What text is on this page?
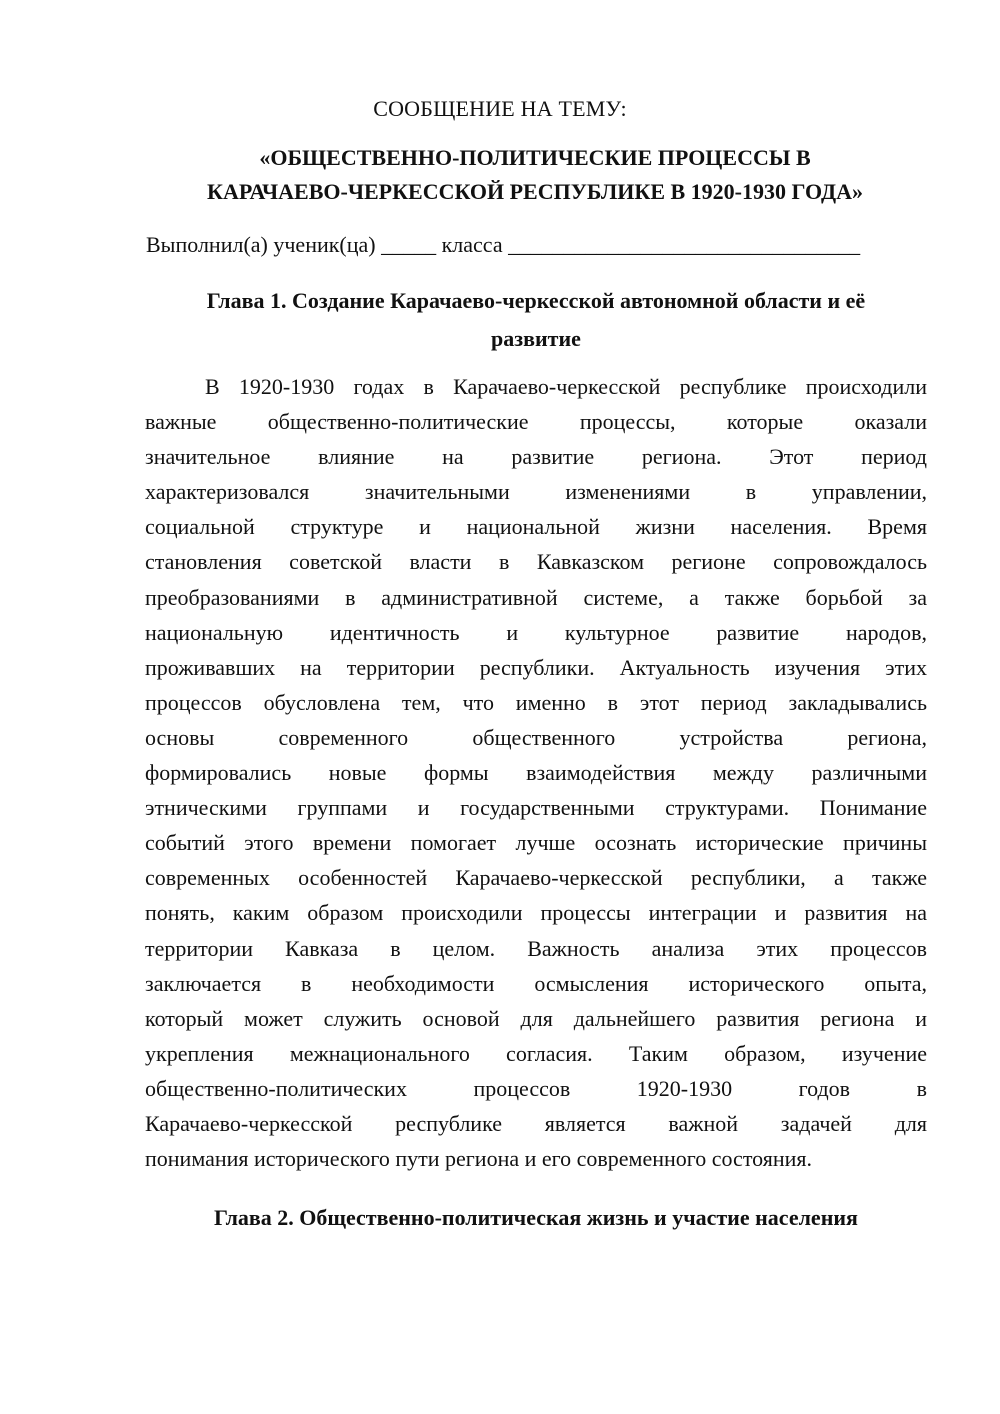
СООБЩЕНИЕ НА ТЕМУ:
«ОБЩЕСТВЕННО-ПОЛИТИЧЕСКИЕ ПРОЦЕССЫ В
КАРАЧАЕВО-ЧЕРКЕССКОЙ РЕСПУБЛИКЕ В 1920-1930 ГОДА»
Выполнил(а) ученик(ца) _____ класса ________________________________
Глава 1. Создание Карачаево-черкесской автономной области и её
развитие
В 1920-1930 годах в Карачаево-черкесской республике происходили
важные общественно-политические процессы, которые оказали
значительное влияние на развитие региона. Этот период
характеризовался значительными изменениями в управлении,
социальной структуре и национальной жизни населения. Время
становления советской власти в Кавказском регионе сопровождалось
преобразованиями в административной системе, а также борьбой за
национальную идентичность и культурное развитие народов,
проживавших на территории республики. Актуальность изучения этих
процессов обусловлена тем, что именно в этот период закладывались
основы современного общественного устройства региона,
формировались новые формы взаимодействия между различными
этническими группами и государственными структурами. Понимание
событий этого времени помогает лучше осознать исторические причины
современных особенностей Карачаево-черкесской республики, а также
понять, каким образом происходили процессы интеграции и развития на
территории Кавказа в целом. Важность анализа этих процессов
заключается в необходимости осмысления исторического опыта,
который может служить основой для дальнейшего развития региона и
укрепления межнационального согласия. Таким образом, изучение
общественно-политических процессов 1920-1930 годов в
Карачаево-черкесской республике является важной задачей для
понимания исторического пути региона и его современного состояния.
Глава 2. Общественно-политическая жизнь и участие населения
